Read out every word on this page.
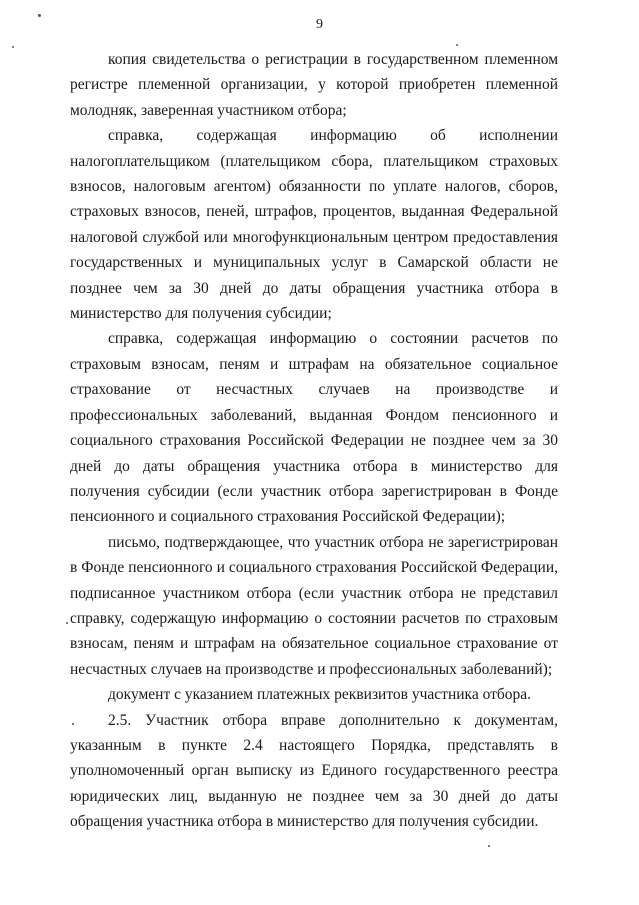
9

копия свидетельства о регистрации в государственном племенном регистре племенной организации, у которой приобретен племенной молодняк, заверенная участником отбора;

справка, содержащая информацию об исполнении налогоплательщиком (плательщиком сбора, плательщиком страховых взносов, налоговым агентом) обязанности по уплате налогов, сборов, страховых взносов, пеней, штрафов, процентов, выданная Федеральной налоговой службой или многофункциональным центром предоставления государственных и муниципальных услуг в Самарской области не позднее чем за 30 дней до даты обращения участника отбора в министерство для получения субсидии;

справка, содержащая информацию о состоянии расчетов по страховым взносам, пеням и штрафам на обязательное социальное страхование от несчастных случаев на производстве и профессиональных заболеваний, выданная Фондом пенсионного и социального страхования Российской Федерации не позднее чем за 30 дней до даты обращения участника отбора в министерство для получения субсидии (если участник отбора зарегистрирован в Фонде пенсионного и социального страхования Российской Федерации);

письмо, подтверждающее, что участник отбора не зарегистрирован в Фонде пенсионного и социального страхования Российской Федерации, подписанное участником отбора (если участник отбора не представил справку, содержащую информацию о состоянии расчетов по страховым взносам, пеням и штрафам на обязательное социальное страхование от несчастных случаев на производстве и профессиональных заболеваний);

документ с указанием платежных реквизитов участника отбора.

2.5. Участник отбора вправе дополнительно к документам, указанным в пункте 2.4 настоящего Порядка, представлять в уполномоченный орган выписку из Единого государственного реестра юридических лиц, выданную не позднее чем за 30 дней до даты обращения участника отбора в министерство для получения субсидии.
